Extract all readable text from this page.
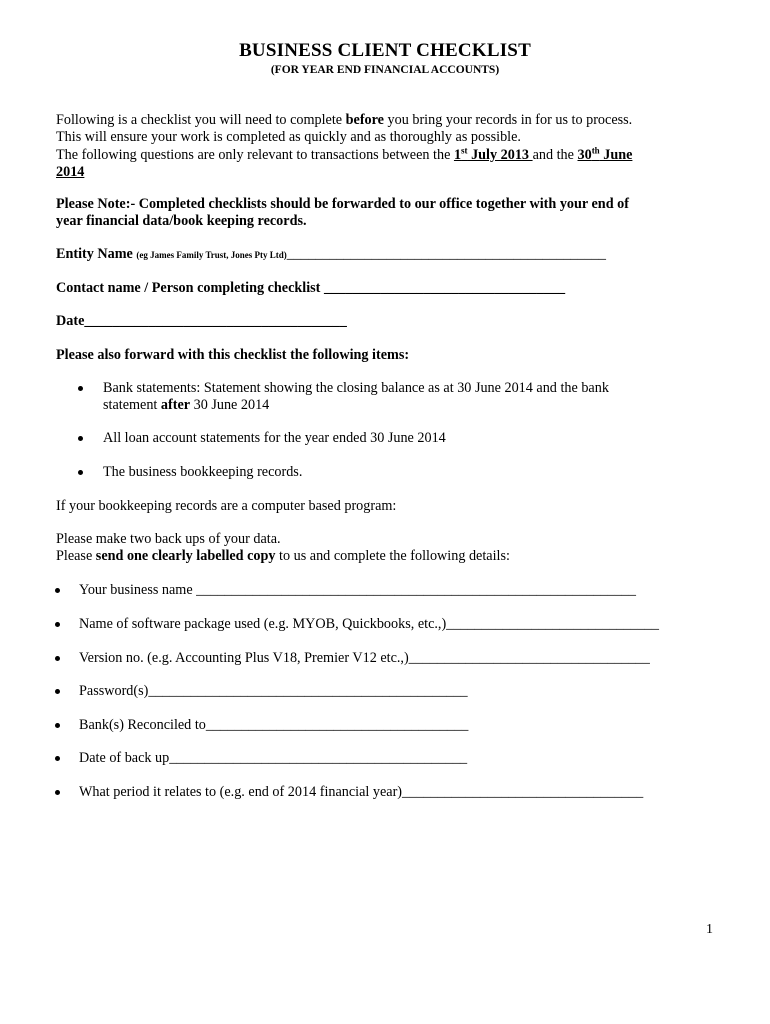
BUSINESS CLIENT CHECKLIST
(FOR YEAR END FINANCIAL ACCOUNTS)
Following is a checklist you will need to complete before you bring your records in for us to process.
This will ensure your work is completed as quickly and as thoroughly as possible.
The following questions are only relevant to transactions between the 1st July 2013 and the 30th June
2014
Please Note:- Completed checklists should be forwarded to our office together with your end of
year financial data/book keeping records.
Entity Name (eg James Family Trust, Jones Pty Ltd)_____________________________________________
Contact name / Person completing checklist __________________________________
Date_____________________________________
Please also forward with this checklist the following items:
Bank statements: Statement showing the closing balance as at 30 June 2014 and the bank
statement after 30 June 2014
All loan account statements for the year ended 30 June 2014
The business bookkeeping records.
If your bookkeeping records are a computer based program:
Please make two back ups of your data.
Please send one clearly labelled copy to us and complete the following details:
Your business name ______________________________________________________________
Name of software package used (e.g. MYOB, Quickbooks, etc.,)______________________________
Version no. (e.g. Accounting Plus V18, Premier V12 etc.,)__________________________________
Password(s)_____________________________________________
Bank(s) Reconciled to_____________________________________
Date of back up__________________________________________
What period it relates to (e.g. end of 2014 financial year)__________________________________
1
